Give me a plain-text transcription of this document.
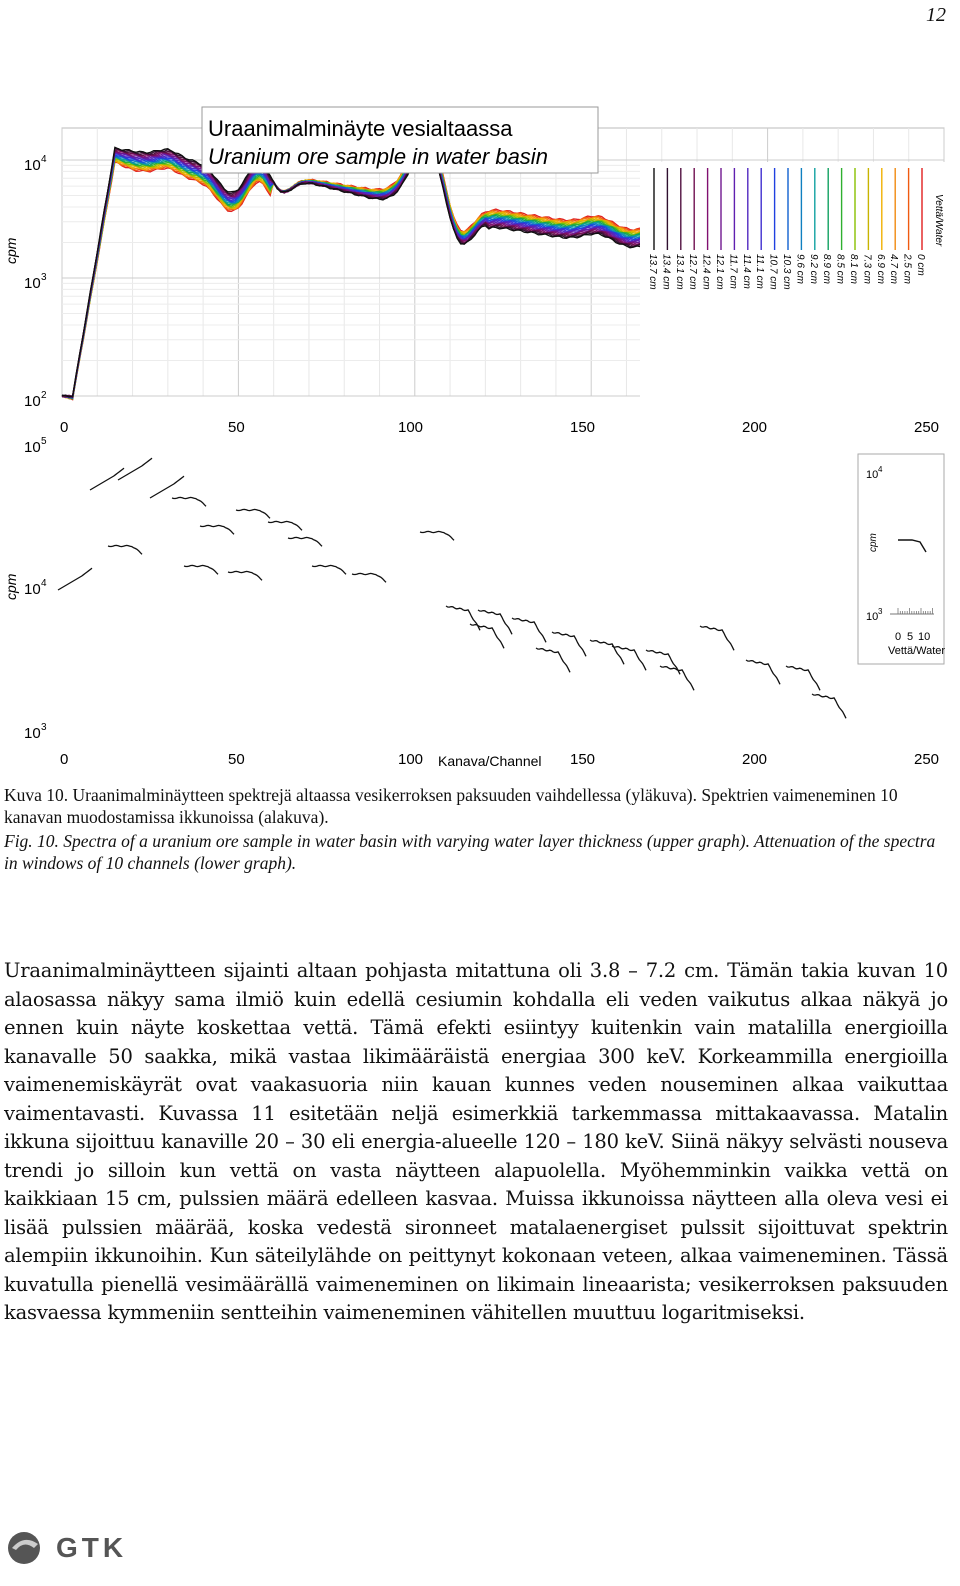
12
Uraanimalminäyte vesialtaassa
Uranium ore sample in water basin
Vettä/Water
0 cm
2.5 cm
4.7 cm
6.9 cm
7.3 cm
8.1 cm
8.5 cm
8.9 cm
9.2 cm
9.6 cm
10.3 cm
10.7 cm
11.1 cm
11.4 cm
11.7 cm
12.1 cm
12.4 cm
12.7 cm
13.1 cm
13.4 cm
13.7 cm
cpm
10 4
10 3
10 2
0	50	100	150	200	250
cpm
10 5
10 4
10 3
0	50	100 Kanava/Channel 150	200	250
10 4
cpm
10 3
0 5 10
Vettä/Water
Kuva 10. Uraanimalminäytteen spektrejä altaassa vesikerroksen paksuuden vaihdellessa (yläkuva). Spektrien vaimeneminen 10 kanavan muodostamissa ikkunoissa (alakuva).
Fig. 10. Spectra of a uranium ore sample in water basin with varying water layer thickness (upper graph). Attenuation of the spectra in windows of 10 channels (lower graph).
Uraanimalminäytteen sijainti altaan pohjasta mitattuna oli 3.8 – 7.2 cm. Tämän takia kuvan 10 alaosassa näkyy sama ilmiö kuin edellä cesiumin kohdalla eli veden vaikutus alkaa näkyä jo ennen kuin näyte koskettaa vettä. Tämä efekti esiintyy kuitenkin vain matalilla energioilla kanavalle 50 saakka, mikä vastaa likimääräistä energiaa 300 keV. Korkeammilla energioilla vaimenemiskäyrät ovat vaakasuoria niin kauan kunnes veden nouseminen alkaa vaikuttaa vaimentavasti. Kuvassa 11 esitetään neljä esimerkkiä tarkemmassa mittakaavassa. Matalin ikkuna sijoittuu kanaville 20 – 30 eli energia-alueelle 120 – 180 keV. Siinä näkyy selvästi nouseva trendi jo silloin kun vettä on vasta näytteen alapuolella. Myöhemminkin vaikka vettä on kaikkiaan 15 cm, pulssien määrä edelleen kasvaa. Muissa ikkunoissa näytteen alla oleva vesi ei lisää pulssien määrää, koska vedestä sironneet matalaenergiset pulssit sijoittuvat spektrin alempiin ikkunoihin. Kun säteilylähde on peittynyt kokonaan veteen, alkaa vaimeneminen. Tässä kuvatulla pienellä vesimäärällä vaimeneminen on likimain lineaarista; vesikerroksen paksuuden kasvaessa kymmeniin sentteihin vaimeneminen vähitellen muuttuu logaritmiseksi.
GTK
